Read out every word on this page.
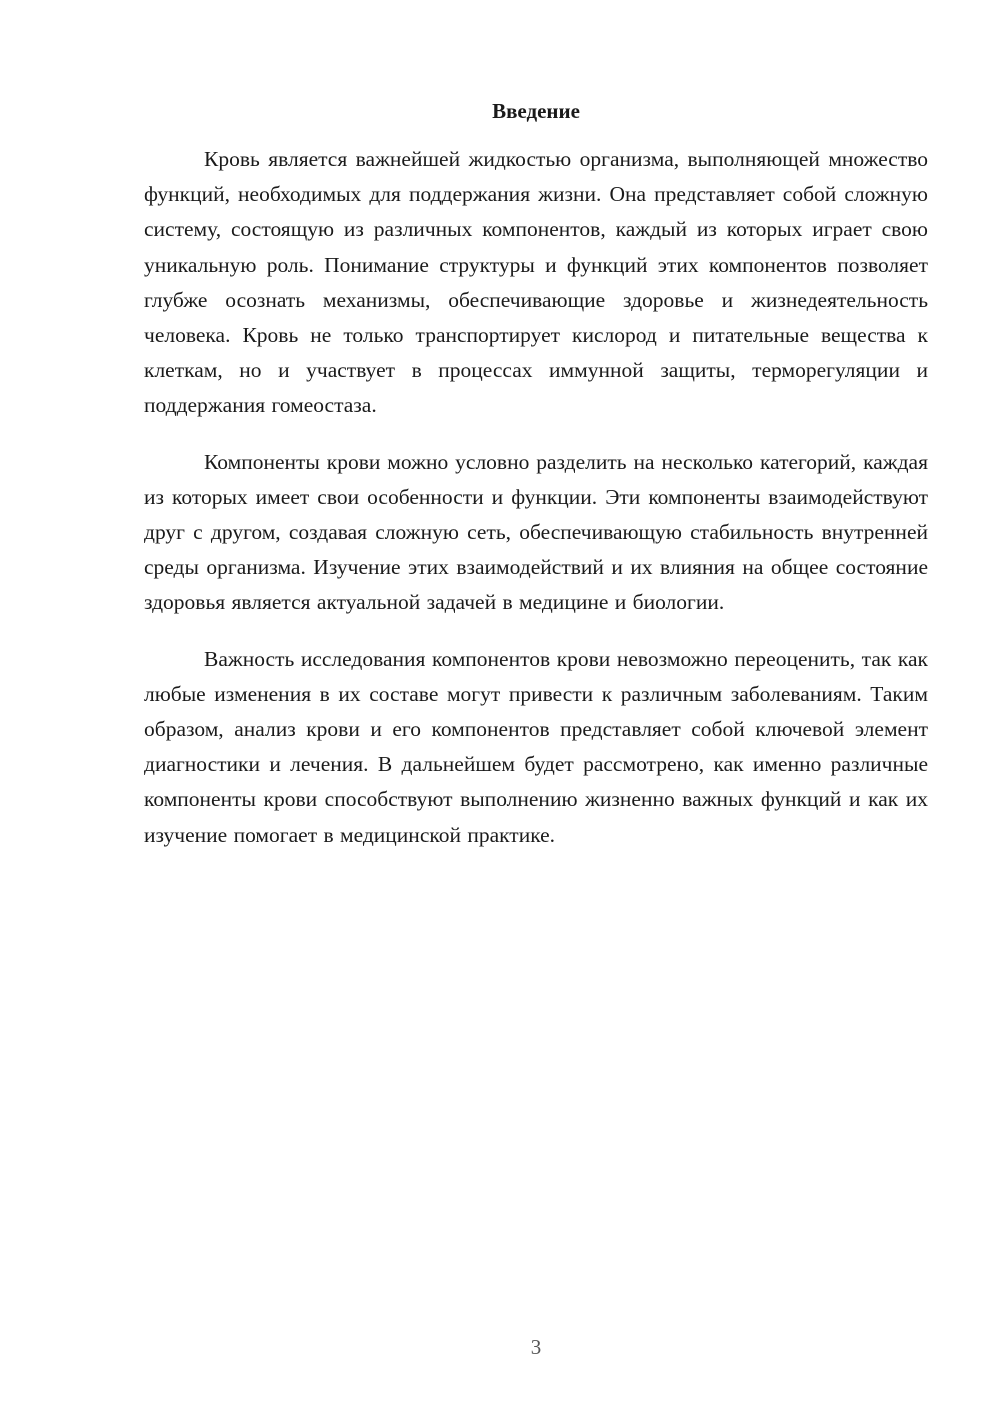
Введение

Кровь является важнейшей жидкостью организма, выполняющей множество функций, необходимых для поддержания жизни. Она представляет собой сложную систему, состоящую из различных компонентов, каждый из которых играет свою уникальную роль. Понимание структуры и функций этих компонентов позволяет глубже осознать механизмы, обеспечивающие здоровье и жизнедеятельность человека. Кровь не только транспортирует кислород и питательные вещества к клеткам, но и участвует в процессах иммунной защиты, терморегуляции и поддержания гомеостаза.

Компоненты крови можно условно разделить на несколько категорий, каждая из которых имеет свои особенности и функции. Эти компоненты взаимодействуют друг с другом, создавая сложную сеть, обеспечивающую стабильность внутренней среды организма. Изучение этих взаимодействий и их влияния на общее состояние здоровья является актуальной задачей в медицине и биологии.

Важность исследования компонентов крови невозможно переоценить, так как любые изменения в их составе могут привести к различным заболеваниям. Таким образом, анализ крови и его компонентов представляет собой ключевой элемент диагностики и лечения. В дальнейшем будет рассмотрено, как именно различные компоненты крови способствуют выполнению жизненно важных функций и как их изучение помогает в медицинской практике.

3
